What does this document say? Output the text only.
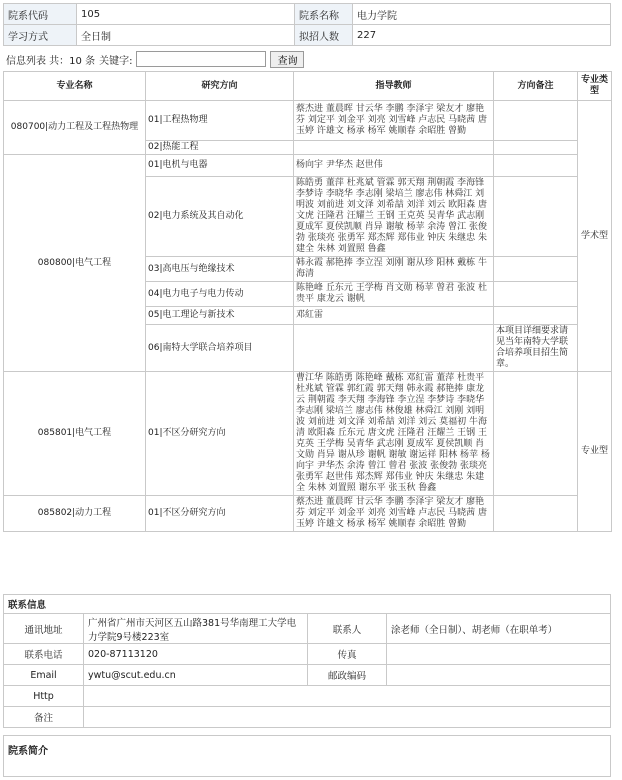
院系代码	105	院系名称	电力学院
学习方式	全日制	拟招人数	227
信息列表 共：10 条 关键字:	查询
专业名称	研究方向	指导教师	方向备注	专业类型
080700|动力工程及工程热物理	01|工程热物理	蔡杰进 董晨晖 甘云华 李鹏 李泽宇 梁友才 廖艳芬 刘定平 刘金平 刘亮 刘雪峰 卢志民 马晓茜 唐玉婷 许雄文 杨承 杨军 姚顺春 余昭胜 曾勤		学术型
	02|热能工程			
080800|电气工程	01|电机与电器	杨向宇 尹华杰 赵世伟		
	02|电力系统及其自动化	陈皓勇 董萍 杜兆斌 管霖 郭天翔 荆朝霞 李海锋 李梦诗 李晓华 李志刚 梁培兰 廖志伟 林舜江 刘明波 刘前进 刘文泽 刘希喆 刘洋 刘云 欧阳森 唐文虎 汪隆君 汪耀兰 王钢 王克英 吴青华 武志刚 夏成军 夏侯凯顺 肖异 谢敏 杨苹 余涛 曾江 张俊勃 张琰亮 张勇军 郑杰辉 郑伟业 钟庆 朱继忠 朱建全 朱林 刘置照 鲁鑫		
	03|高电压与绝缘技术	韩永霞 郝艳捧 李立浧 刘刚 谢从珍 阳林 戴栋 牛海清		
	04|电力电子与电力传动	陈艳峰 丘东元 王学梅 肖文勋 杨苹 曾君 张波 杜贵平 康龙云 谢帆		
	05|电工理论与新技术	邓紅雷		
	06|南特大学联合培养项目		本项目详细要求请见当年南特大学联合培养项目招生简章。	
085801|电气工程	01|不区分研究方向	曹江华 陈皓勇 陈艳峰 戴栋 邓紅雷 董萍 杜贵平 杜兆斌 管霖 郭红霞 郭天翔 韩永霞 郝艳捧 康龙云 荆朝霞 李天翔 李海锋 李立浧 李梦诗 李晓华 李志刚 梁培兰 廖志伟 林俊雄 林舜江 刘刚 刘明波 刘前进 刘文泽 刘希喆 刘洋 刘云 莫福初 牛海清 欧阳森 丘东元 唐文虎 汪隆君 汪耀兰 王钢 王克英 王学梅 吴青华 武志刚 夏成军 夏侯凯顺 肖文勋 肖异 谢从珍 谢帆 谢敏 谢运祥 阳林 杨苹 杨向宇 尹华杰 余涛 曾江 曾君 张波 张俊勃 张琰亮 张勇军 赵世伟 郑杰辉 郑伟业 钟庆 朱继忠 朱建全 朱林 刘置照 谢东平 张玉秋 鲁鑫		专业型
085802|动力工程	01|不区分研究方向	蔡杰进 董晨晖 甘云华 李鹏 李泽宇 梁友才 廖艳芬 刘定平 刘金平 刘亮 刘雪峰 卢志民 马晓茜 唐玉婷 许雄文 杨承 杨军 姚顺春 余昭胜 曾勤		
联系信息			
通讯地址	广州省广州市天河区五山路381号华南理工大学电力学院9号楼223室	联系人	涂老师（全日制）、胡老师（在职单考）
联系电话	020-87113120	传真	
Email	ywtu@scut.edu.cn	邮政编码	
Http			
备注			
院系简介
